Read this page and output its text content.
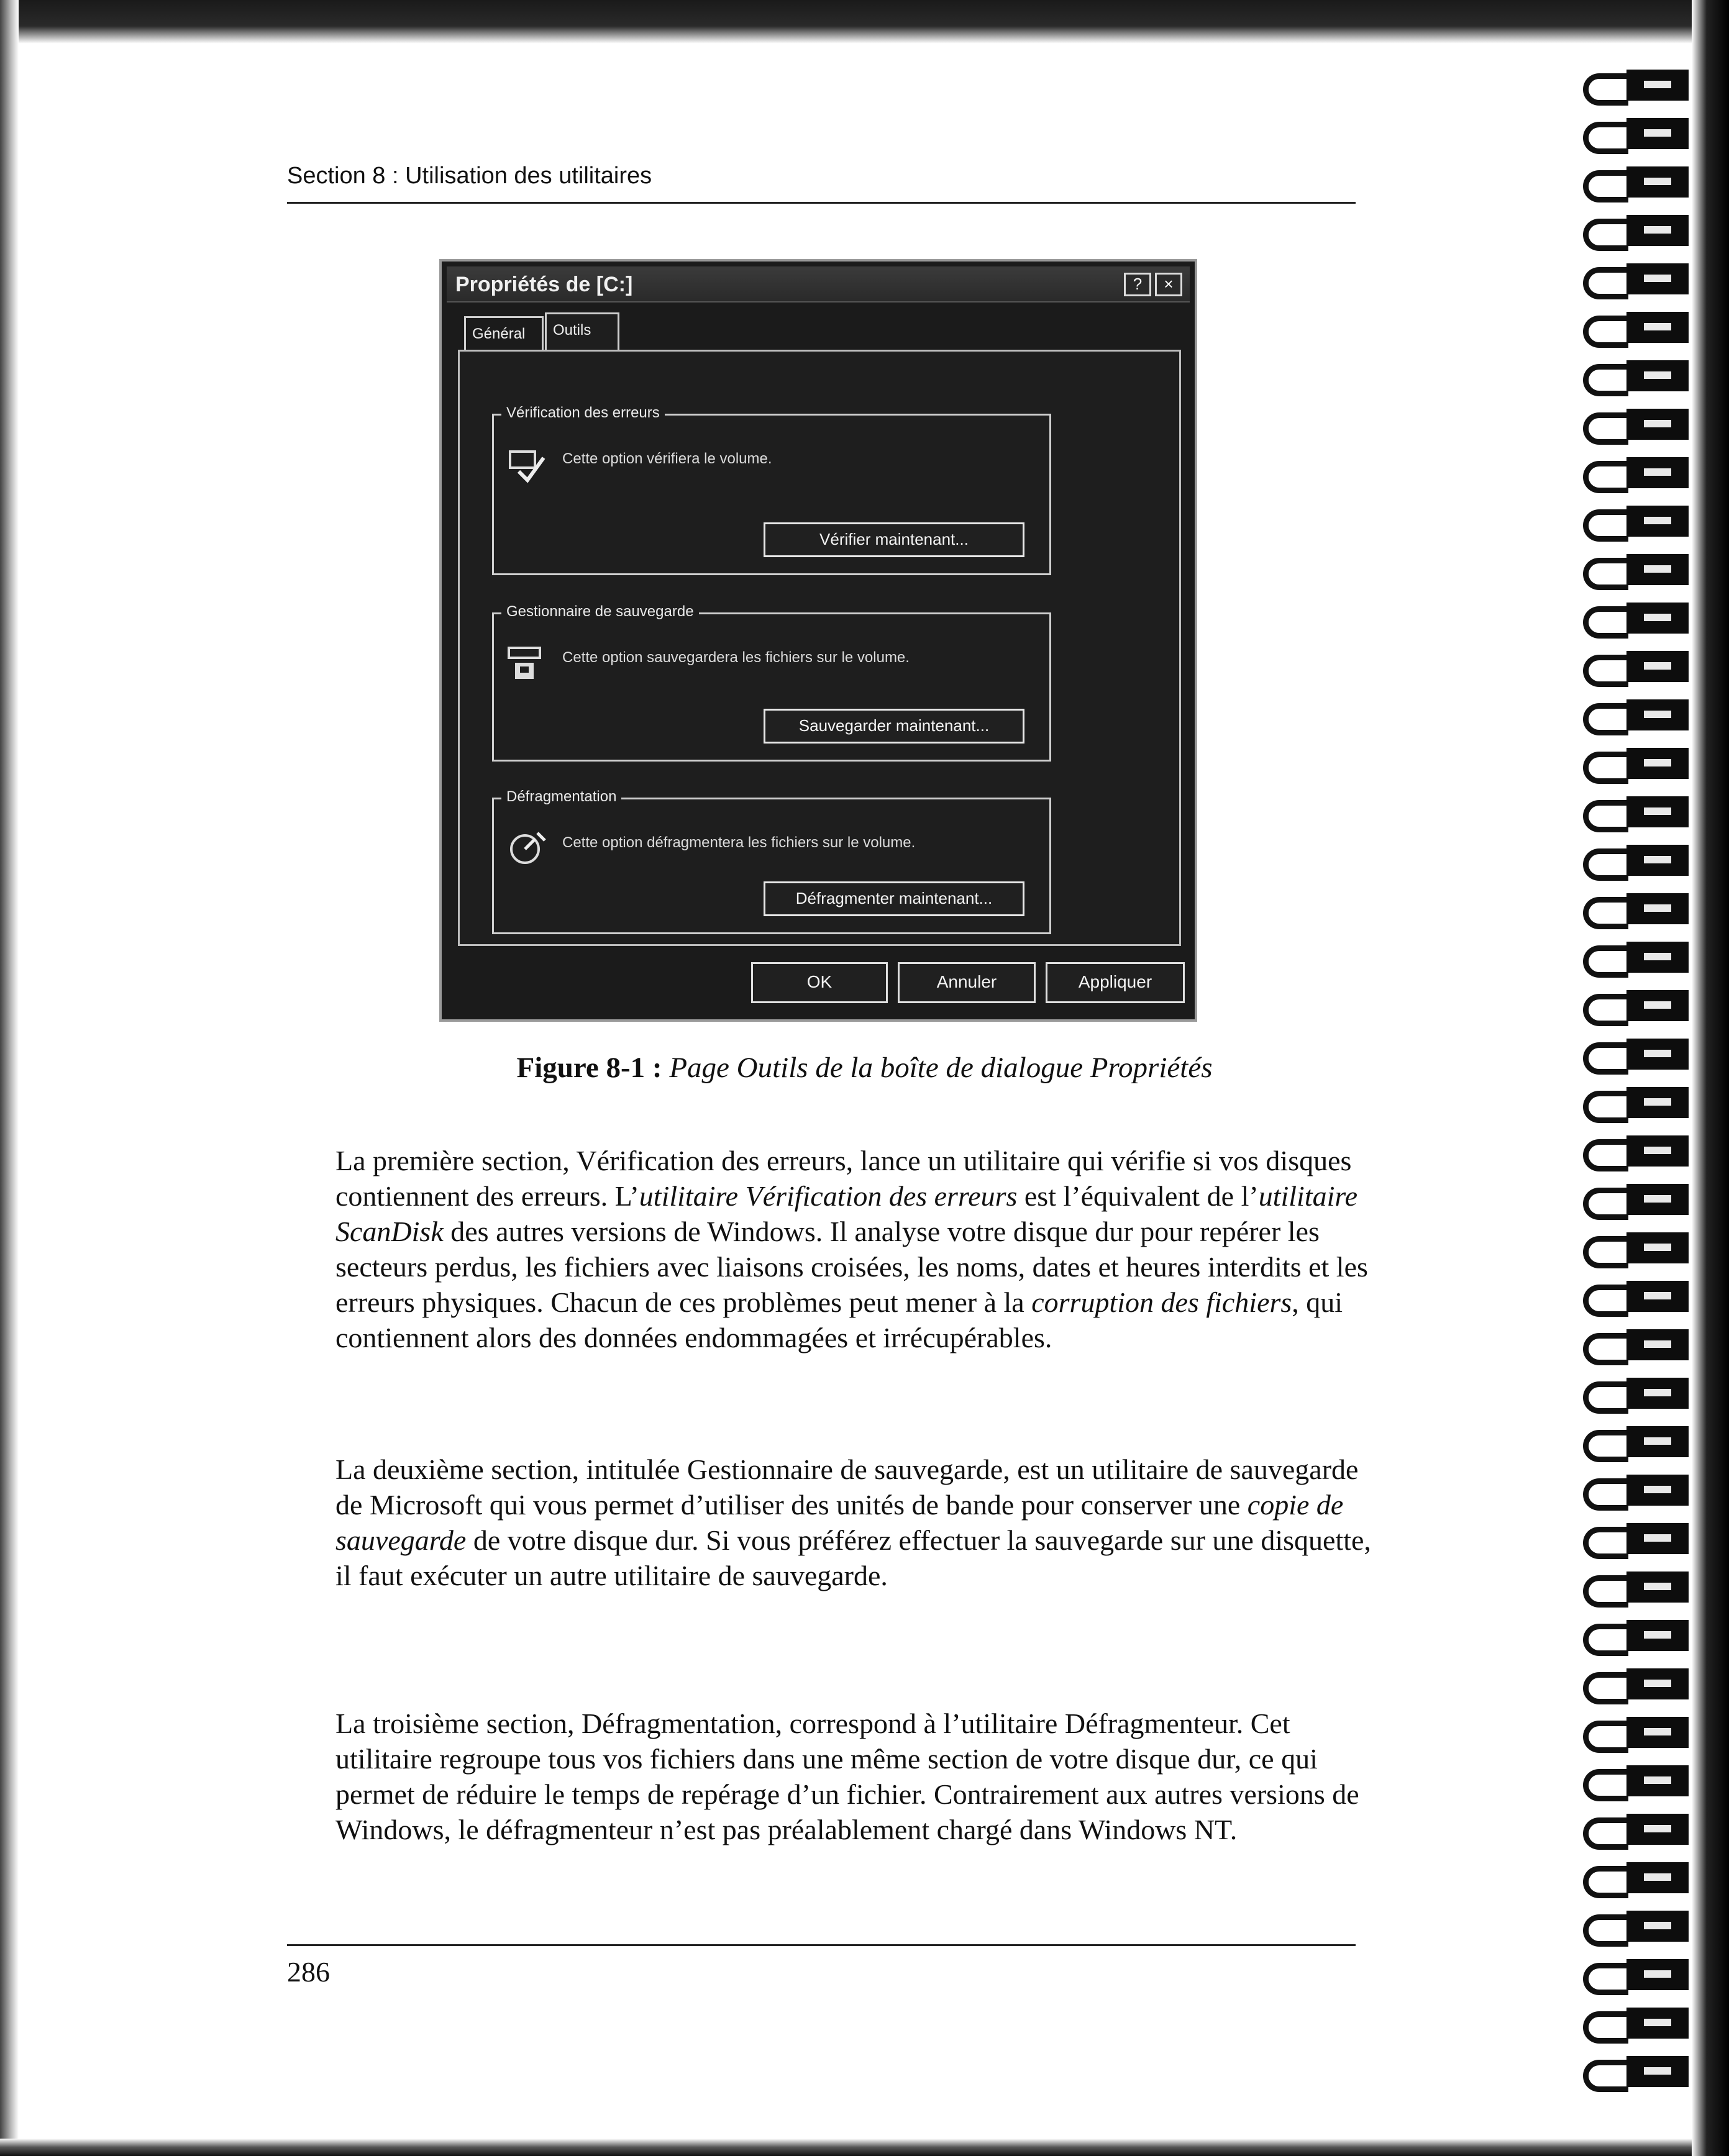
Section 8 : Utilisation des utilitaires
Propriétés de [C:]	?	×
Général	Outils
Vérification des erreurs
Cette option vérifiera le volume.
Vérifier maintenant...
Gestionnaire de sauvegarde
Cette option sauvegardera les fichiers sur le volume.
Sauvegarder maintenant...
Défragmentation
Cette option défragmentera les fichiers sur le volume.
Défragmenter maintenant...
OK	Annuler	Appliquer
Figure 8-1 : Page Outils de la boîte de dialogue Propriétés

La première section, Vérification des erreurs, lance un utilitaire qui vérifie si vos disques contiennent des erreurs. L’utilitaire Vérification des erreurs est l’équivalent de l’utilitaire ScanDisk des autres versions de Windows. Il analyse votre disque dur pour repérer les secteurs perdus, les fichiers avec liaisons croisées, les noms, dates et heures interdits et les erreurs physiques. Chacun de ces problèmes peut mener à la corruption des fichiers, qui contiennent alors des données endommagées et irrécupérables.

La deuxième section, intitulée Gestionnaire de sauvegarde, est un utilitaire de sauvegarde de Microsoft qui vous permet d’utiliser des unités de bande pour conserver une copie de sauvegarde de votre disque dur. Si vous préférez effectuer la sauvegarde sur une disquette, il faut exécuter un autre utilitaire de sauvegarde.

La troisième section, Défragmentation, correspond à l’utilitaire Défragmenteur. Cet utilitaire regroupe tous vos fichiers dans une même section de votre disque dur, ce qui permet de réduire le temps de repérage d’un fichier. Contrairement aux autres versions de Windows, le défragmenteur n’est pas préalablement chargé dans Windows NT.

286
